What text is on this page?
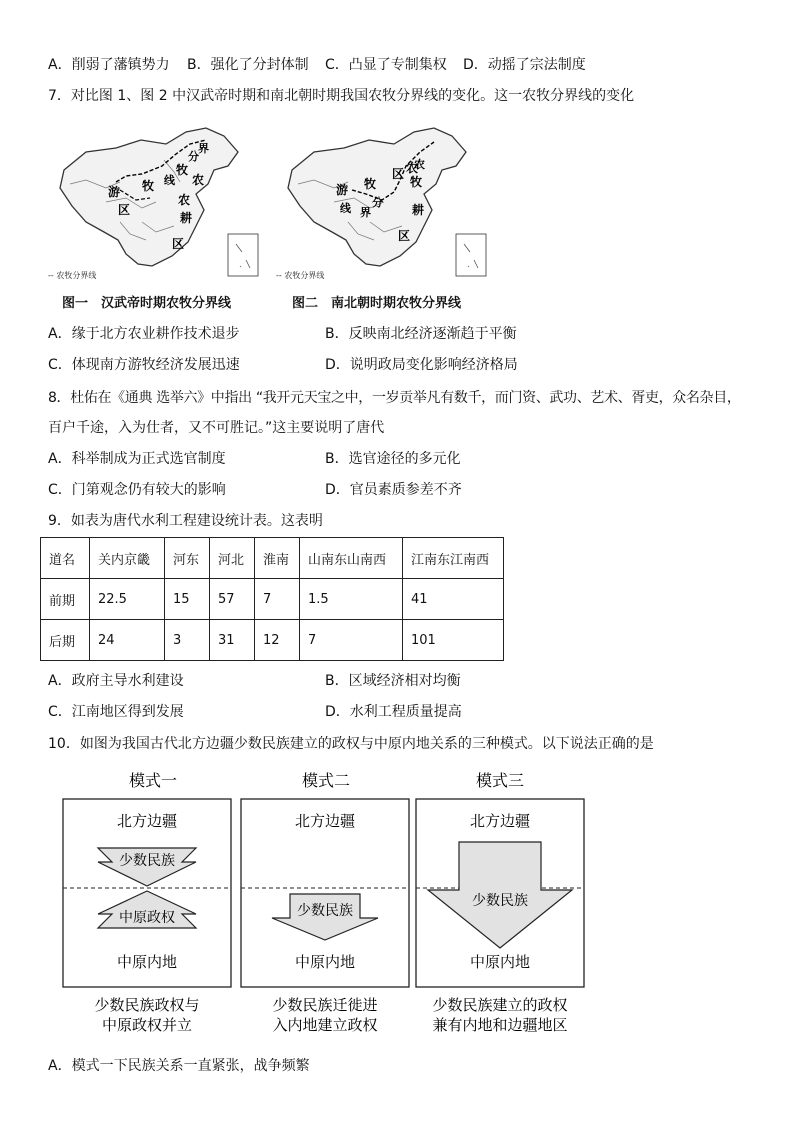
A．削弱了藩镇势力 B．强化了分封体制 C．凸显了专制集权 D．动摇了宗法制度
7．对比图 1、图 2 中汉武帝时期和南北朝时期我国农牧分界线的变化。这一农牧分界线的变化
牧
农
游 牧
区
农
耕
区
分
界
线
-- 农牧分界线
图一　汉武帝时期农牧分界线
游 牧
区 农
牧
分
界
线
农
耕
区
-- 农牧分界线
图二　南北朝时期农牧分界线
A．缘于北方农业耕作技术退步	B．反映南北经济逐渐趋于平衡
C．体现南方游牧经济发展迅速	D．说明政局变化影响经济格局
8．杜佑在《通典 选举六》中指出 “我开元天宝之中，一岁贡举凡有数千，而门资、武功、艺术、胥吏，众名杂目，
百户千途，入为仕者，又不可胜记。”这主要说明了唐代
A．科举制成为正式选官制度	B．选官途径的多元化
C．门第观念仍有较大的影响	D．官员素质参差不齐
9．如表为唐代水利工程建设统计表。这表明
道名	关内京畿	河东	河北	淮南	山南东山南西	江南东江南西
前期	22.5	15	57	7	1.5	41
后期	24	3	31	12	7	101
A．政府主导水利建设	B．区域经济相对均衡
C．江南地区得到发展	D．水利工程质量提高
10．如图为我国古代北方边疆少数民族建立的政权与中原内地关系的三种模式。以下说法正确的是
模式一
北方边疆
少数民族
中原政权
中原内地
少数民族政权与
中原政权并立
模式二
北方边疆
少数民族
中原内地
少数民族迁徙进
入内地建立政权
模式三
北方边疆
少数民族
中原内地
少数民族建立的政权
兼有内地和边疆地区
A．模式一下民族关系一直紧张，战争频繁
